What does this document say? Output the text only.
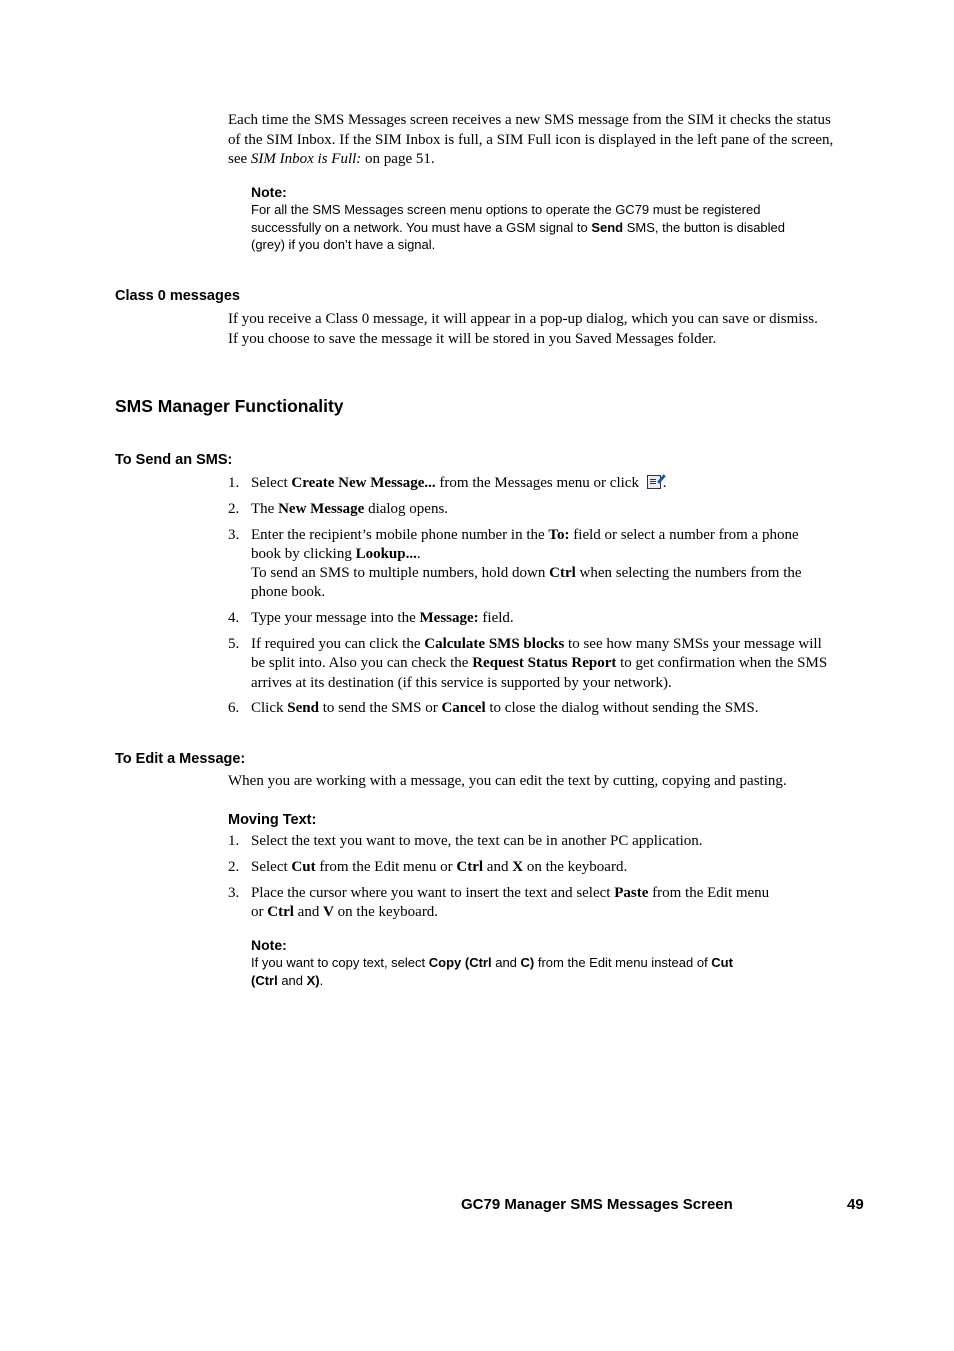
Each time the SMS Messages screen receives a new SMS message from the SIM it checks the status

of the SIM Inbox. If the SIM Inbox is full, a SIM Full icon is displayed in the left pane of the screen,

see SIM Inbox is Full: on page 51.

Note:

For all the SMS Messages screen menu options to operate the GC79 must be registered

successfully on a network. You must have a GSM signal to Send SMS, the button is disabled

(grey) if you don’t have a signal.

Class 0 messages

If you receive a Class 0 message, it will appear in a pop-up dialog, which you can save or dismiss.

If you choose to save the message it will be stored in you Saved Messages folder.

SMS Manager Functionality

To Send an SMS:

1. Select Create New Message... from the Messages menu or click .
2. The New Message dialog opens.
3. Enter the recipient’s mobile phone number in the To: field or select a number from a phone
book by clicking Lookup....
To send an SMS to multiple numbers, hold down Ctrl when selecting the numbers from the
phone book.
4. Type your message into the Message: field.
5. If required you can click the Calculate SMS blocks to see how many SMSs your message will
be split into. Also you can check the Request Status Report to get confirmation when the SMS
arrives at its destination (if this service is supported by your network).
6. Click Send to send the SMS or Cancel to close the dialog without sending the SMS.

To Edit a Message:

When you are working with a message, you can edit the text by cutting, copying and pasting.

Moving Text:

1. Select the text you want to move, the text can be in another PC application.
2. Select Cut from the Edit menu or Ctrl and X on the keyboard.
3. Place the cursor where you want to insert the text and select Paste from the Edit menu
or Ctrl and V on the keyboard.

Note:

If you want to copy text, select Copy (Ctrl and C) from the Edit menu instead of Cut

(Ctrl and X).

GC79 Manager SMS Messages Screen	49
